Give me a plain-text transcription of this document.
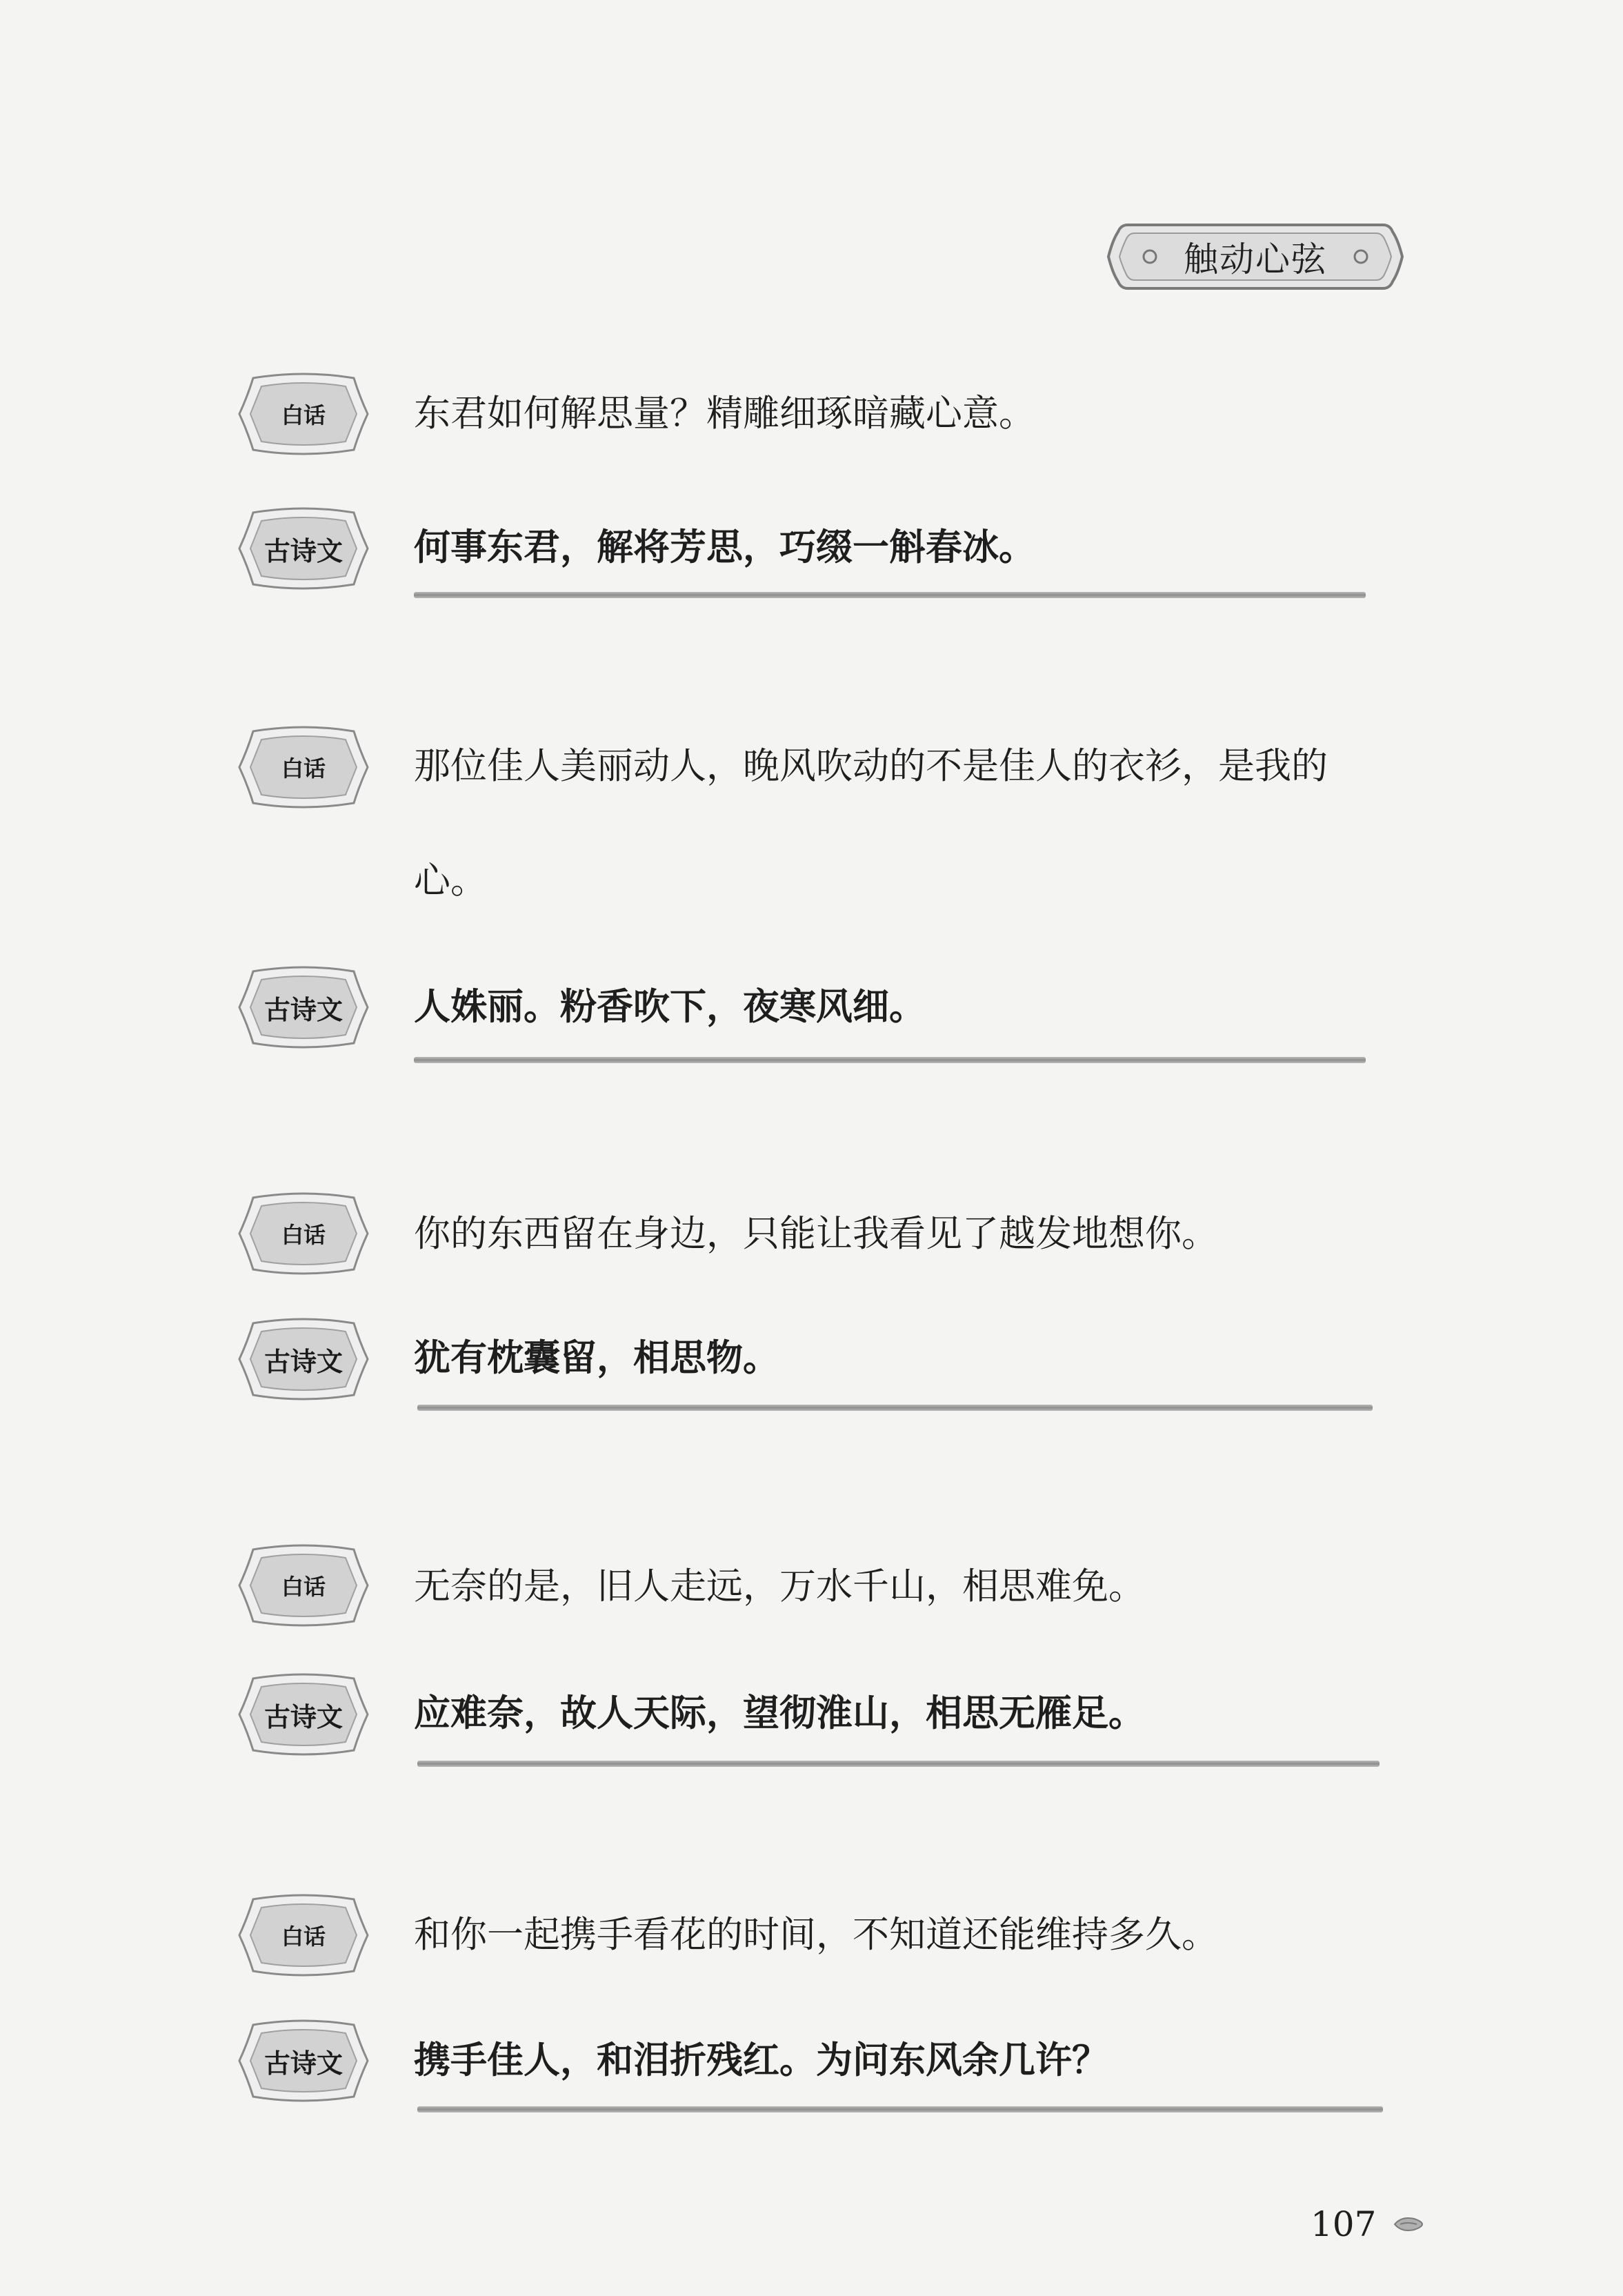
触动心弦
白话	东君如何解思量？精雕细琢暗藏心意。
古诗文	何事东君，解将芳思，巧缀一斛春冰。
白话	那位佳人美丽动人，晚风吹动的不是佳人的衣衫，是我的心。
古诗文	人姝丽。粉香吹下，夜寒风细。
白话	你的东西留在身边，只能让我看见了越发地想你。
古诗文	犹有枕囊留，相思物。
白话	无奈的是，旧人走远，万水千山，相思难免。
古诗文	应难奈，故人天际，望彻淮山，相思无雁足。
白话	和你一起携手看花的时间，不知道还能维持多久。
古诗文	携手佳人，和泪折残红。为问东风余几许？
107
